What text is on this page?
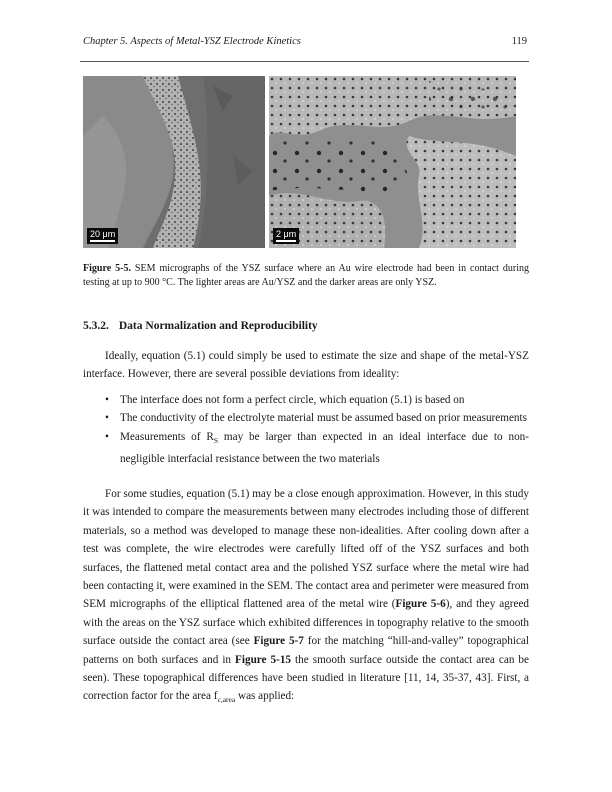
Chapter 5. Aspects of Metal-YSZ Electrode Kinetics	119
20 μm	2 μm
Figure 5-5. SEM micrographs of the YSZ surface where an Au wire electrode had been in contact during testing at up to 900 °C. The lighter areas are Au/YSZ and the darker areas are only YSZ.
5.3.2. Data Normalization and Reproducibility
Ideally, equation (5.1) could simply be used to estimate the size and shape of the metal-YSZ interface. However, there are several possible deviations from ideality:
• The interface does not form a perfect circle, which equation (5.1) is based on
• The conductivity of the electrolyte material must be assumed based on prior measurements
• Measurements of $R_S$ may be larger than expected in an ideal interface due to non-negligible interfacial resistance between the two materials
For some studies, equation (5.1) may be a close enough approximation. However, in this study it was intended to compare the measurements between many electrodes including those of different materials, so a method was developed to manage these non-idealities. After cooling down after a test was complete, the wire electrodes were carefully lifted off of the YSZ surfaces and both surfaces, the flattened metal contact area and the polished YSZ surface where the metal wire had been contacting it, were examined in the SEM. The contact area and perimeter were measured from SEM micrographs of the elliptical flattened area of the metal wire (Figure 5-6), and they agreed with the areas on the YSZ surface which exhibited differences in topography relative to the smooth surface outside the contact area (see Figure 5-7 for the matching “hill-and-valley” topographical patterns on both surfaces and in Figure 5-15 the smooth surface outside the contact area can be seen). These topographical differences have been studied in literature [11, 14, 35-37, 43]. First, a correction factor for the area $f_{c,area}$ was applied:
